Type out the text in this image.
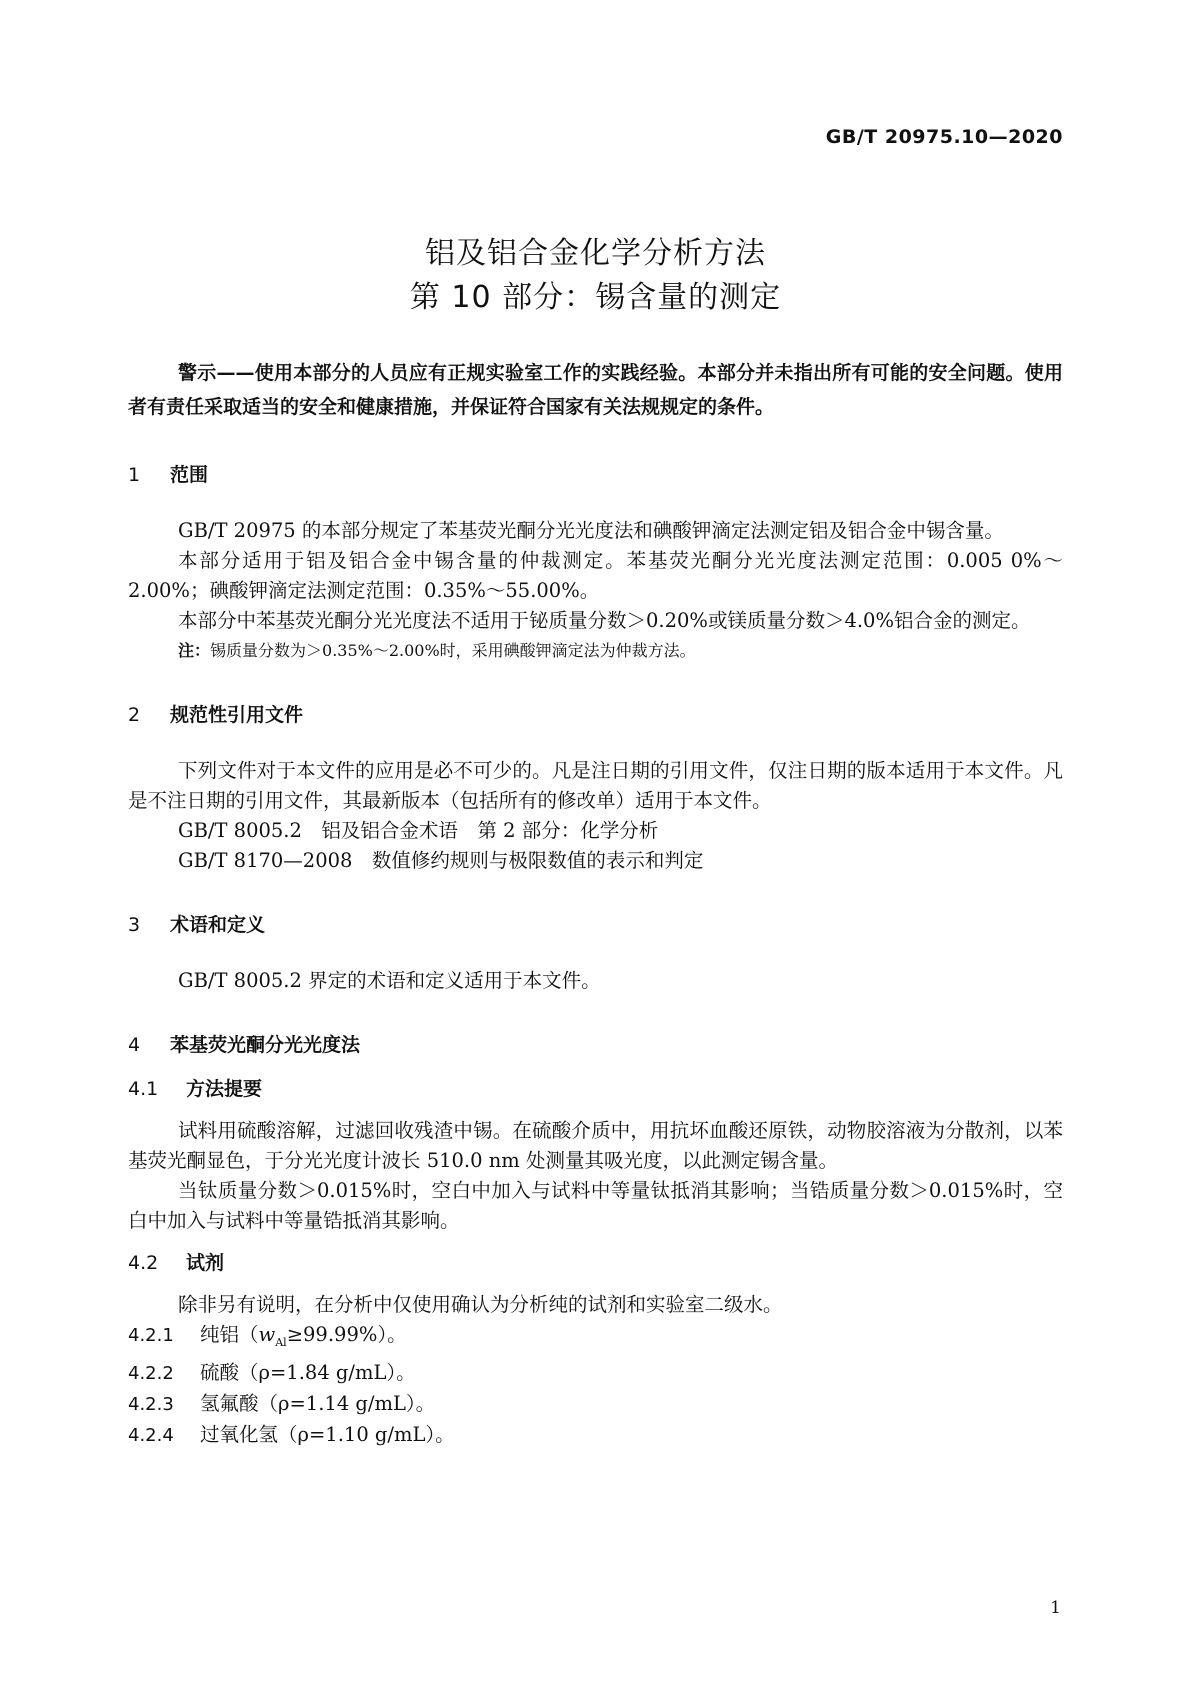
GB/T 20975.10—2020
铝及铝合金化学分析方法
第 10 部分：锡含量的测定

警示——使用本部分的人员应有正规实验室工作的实践经验。本部分并未指出所有可能的安全问题。使用者有责任采取适当的安全和健康措施，并保证符合国家有关法规规定的条件。

1 范围

GB/T 20975 的本部分规定了苯基荧光酮分光光度法和碘酸钾滴定法测定铝及铝合金中锡含量。

本部分适用于铝及铝合金中锡含量的仲裁测定。苯基荧光酮分光光度法测定范围：0.005 0%～2.00%；碘酸钾滴定法测定范围：0.35%～55.00%。

本部分中苯基荧光酮分光光度法不适用于铋质量分数＞0.20%或镁质量分数＞4.0%铝合金的测定。

注：锡质量分数为＞0.35%～2.00%时，采用碘酸钾滴定法为仲裁方法。

2 规范性引用文件

下列文件对于本文件的应用是必不可少的。凡是注日期的引用文件，仅注日期的版本适用于本文件。凡是不注日期的引用文件，其最新版本（包括所有的修改单）适用于本文件。

GB/T 8005.2　铝及铝合金术语　第 2 部分：化学分析

GB/T 8170—2008　数值修约规则与极限数值的表示和判定

3 术语和定义

GB/T 8005.2 界定的术语和定义适用于本文件。

4 苯基荧光酮分光光度法
4.1 方法提要

试料用硫酸溶解，过滤回收残渣中锡。在硫酸介质中，用抗坏血酸还原铁，动物胶溶液为分散剂，以苯基荧光酮显色，于分光光度计波长 510.0 nm 处测量其吸光度，以此测定锡含量。

当钛质量分数＞0.015%时，空白中加入与试料中等量钛抵消其影响；当锆质量分数＞0.015%时，空白中加入与试料中等量锆抵消其影响。

4.2 试剂

除非另有说明，在分析中仅使用确认为分析纯的试剂和实验室二级水。

4.2.1 纯铝$(w_{Al}\ge 99.99\%)$。

4.2.2 硫酸（ρ=1.84 g/mL）。

4.2.3 氢氟酸（ρ=1.14 g/mL）。

4.2.4 过氧化氢（ρ=1.10 g/mL）。

1
